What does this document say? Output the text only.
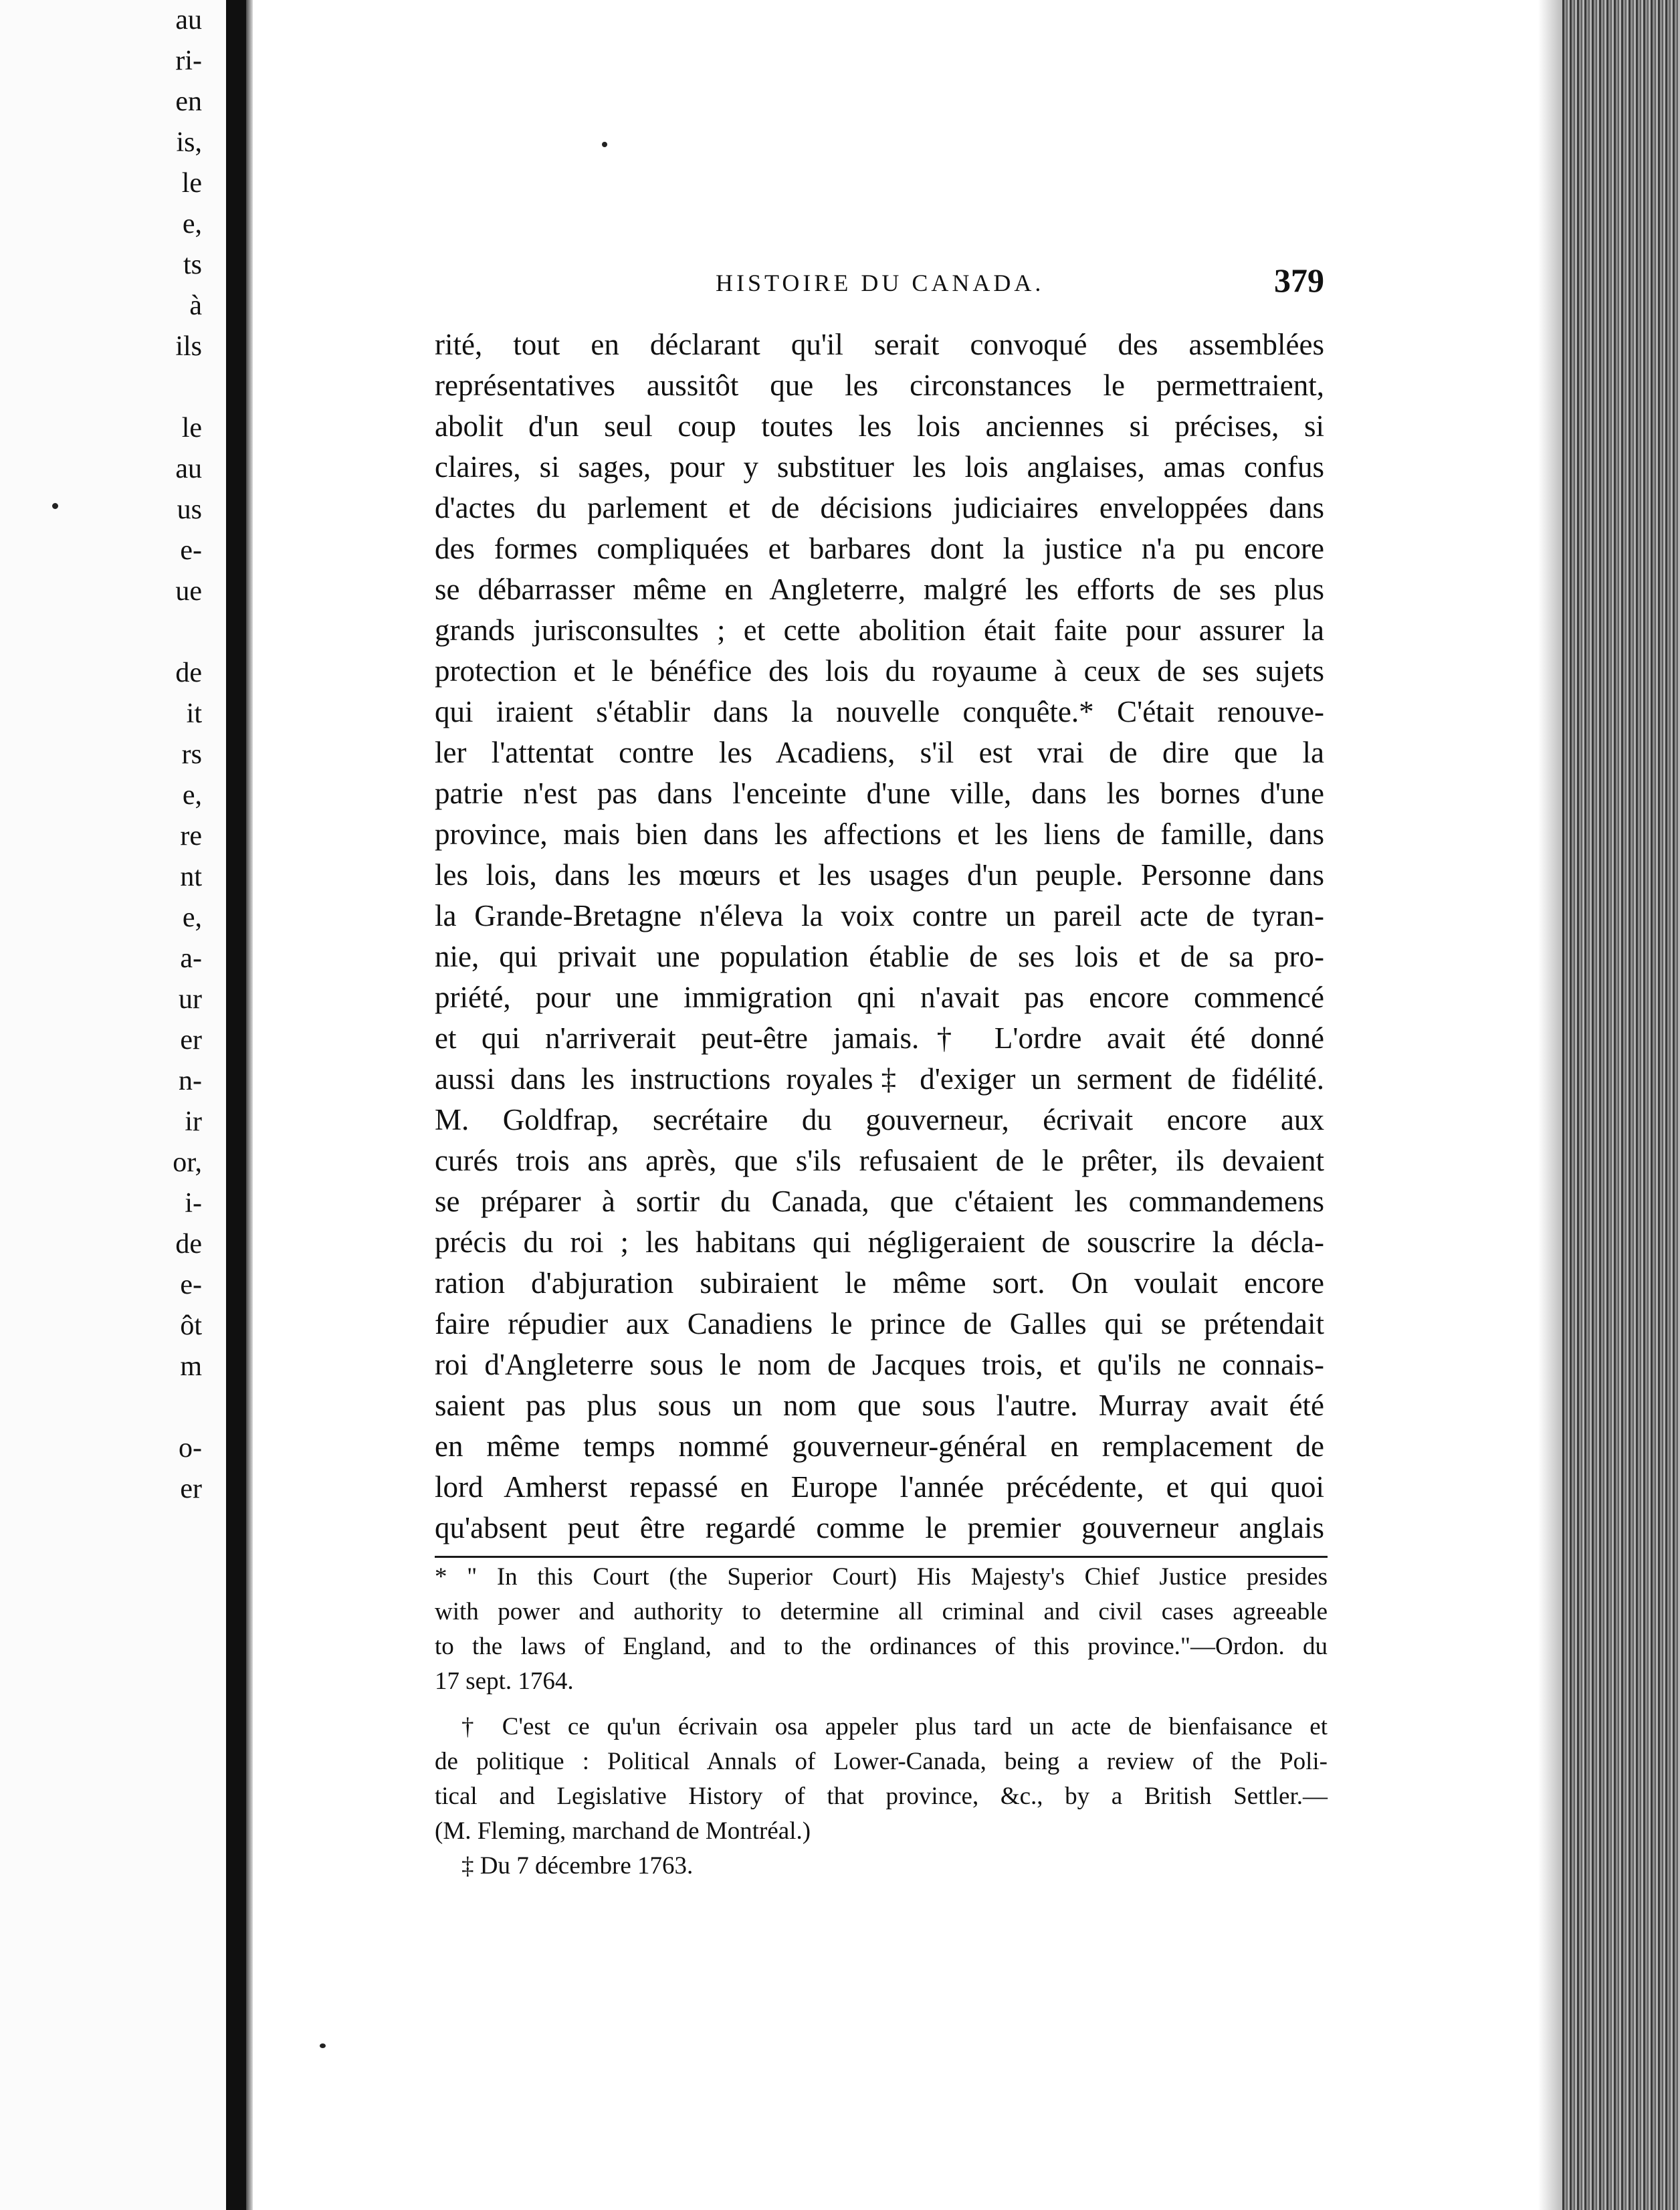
au
ri-
en
is,
le
e,
ts
à
ils
le
au
us
e-
ue
de
it
rs
e,
re
nt
e,
a-
ur
er
n-
ir
or,
i-
de
e-
ôt
m
o-
er
HISTOIRE DU CANADA.	379
rité, tout en déclarant qu'il serait convoqué des assemblées
représentatives aussitôt que les circonstances le permettraient,
abolit d'un seul coup toutes les lois anciennes si précises, si
claires, si sages, pour y substituer les lois anglaises, amas confus
d'actes du parlement et de décisions judiciaires enveloppées dans
des formes compliquées et barbares dont la justice n'a pu encore
se débarrasser même en Angleterre, malgré les efforts de ses plus
grands jurisconsultes ; et cette abolition était faite pour assurer la
protection et le bénéfice des lois du royaume à ceux de ses sujets
qui iraient s'établir dans la nouvelle conquête.* C'était renouve-
ler l'attentat contre les Acadiens, s'il est vrai de dire que la
patrie n'est pas dans l'enceinte d'une ville, dans les bornes d'une
province, mais bien dans les affections et les liens de famille, dans
les lois, dans les mœurs et les usages d'un peuple. Personne dans
la Grande-Bretagne n'éleva la voix contre un pareil acte de tyran-
nie, qui privait une population établie de ses lois et de sa pro-
priété, pour une immigration qni n'avait pas encore commencé
et qui n'arriverait peut-être jamais.† L'ordre avait été donné
aussi dans les instructions royales‡ d'exiger un serment de fidélité.
M. Goldfrap, secrétaire du gouverneur, écrivait encore aux
curés trois ans après, que s'ils refusaient de le prêter, ils devaient
se préparer à sortir du Canada, que c'étaient les commandemens
précis du roi ; les habitans qui négligeraient de souscrire la décla-
ration d'abjuration subiraient le même sort. On voulait encore
faire répudier aux Canadiens le prince de Galles qui se prétendait
roi d'Angleterre sous le nom de Jacques trois, et qu'ils ne connais-
saient pas plus sous un nom que sous l'autre. Murray avait été
en même temps nommé gouverneur-général en remplacement de
lord Amherst repassé en Europe l'année précédente, et qui quoi
qu'absent peut être regardé comme le premier gouverneur anglais
* " In this Court (the Superior Court) His Majesty's Chief Justice presides
with power and authority to determine all criminal and civil cases agreeable
to the laws of England, and to the ordinances of this province."—Ordon. du
17 sept. 1764.
† C'est ce qu'un écrivain osa appeler plus tard un acte de bienfaisance et
de politique : Political Annals of Lower-Canada, being a review of the Poli-
tical and Legislative History of that province, &c., by a British Settler.—
(M. Fleming, marchand de Montréal.)
‡ Du 7 décembre 1763.
